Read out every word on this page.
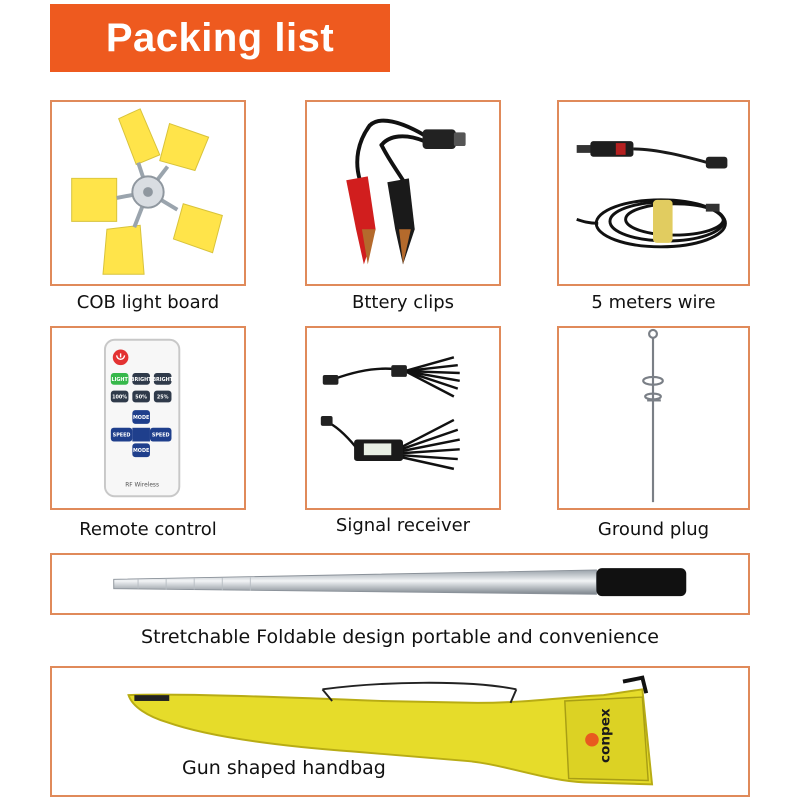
Packing list
COB light board	Bttery clips	5 meters wire
LIGHT BRIGHT BRIGHT
100% 50% 25%
MODE
SPEED	SPEED
MODE
RF Wireless
Remote control	Signal receiver	Ground plug
Stretchable Foldable design portable and convenience
conpex
Gun shaped handbag
